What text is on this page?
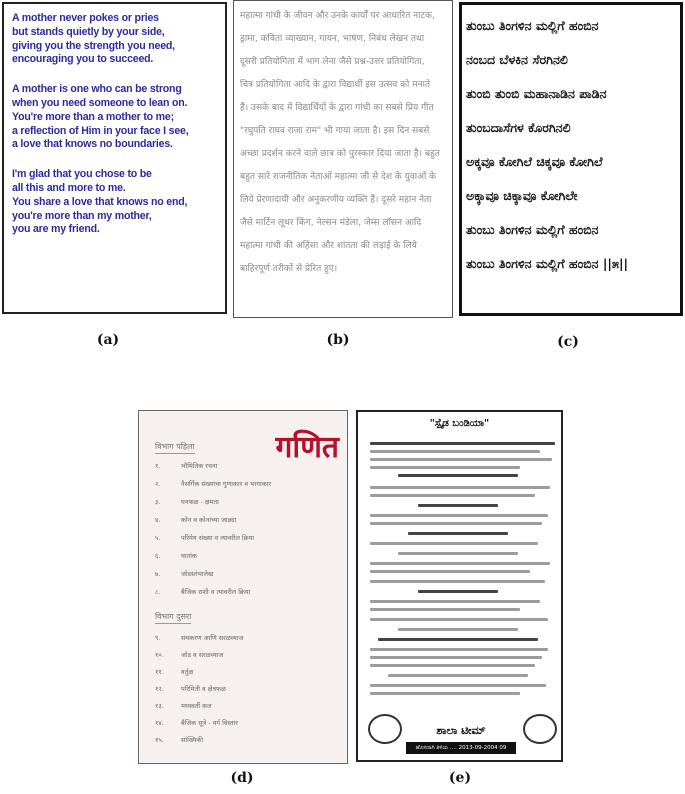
A mother never pokes or pries
but stands quietly by your side,
giving you the strength you need,
encouraging you to succeed.
A mother is one who can be strong
when you need someone to lean on.
You're more than a mother to me;
a reflection of Him in your face I see,
a love that knows no boundaries.
I'm glad that you chose to be
all this and more to me.
You share a love that knows no end,
you're more than my mother,
you are my friend.
(a)
महात्मा गांधी के जीवन और उनके कार्यों पर आधारित नाटक,
ड्रामा, कविता व्याख्यान, गायन, भाषण, निबंध लेखन तथा
दूसरी प्रतियोगिता में भाग लेना जैसे प्रश्न-उत्तर प्रतियोगिता,
चित्र प्रतियोगिता आदि के द्वारा विद्यार्थी इस उत्सव को मनाते
हैं। उसके बाद में विद्यार्थियों के द्वारा गांधी का सबसे प्रिय गीत
"रघुपति राघव राजा राम" भी गाया जाता है। इस दिन सबसे
अच्छा प्रदर्शन करने वाले छात्र को पुरस्कार दिया जाता है। बहुत
बहुत सारे राजनीतिक नेताओं महात्मा जी से देश के युवाओं के
लिये प्रेरणादायी और अनुकरणीय व्यक्ति हैं। दूसरे महान नेता
जैसे मार्टिन लूथर किंग, नेल्सन मंडेला, जेम्स लॉसन आदि
महात्मा गांधी की अहिंसा और शांतता की लड़ाई के लिये
बाहिरपूर्ण तरीकों से प्रेरित हुए।
(b)
ತುಂಬು ತಿಂಗಳಿನ ಮಲ್ಲಿಗೆ ಹಂಬಿನ
ನಂಬದ ಬೆಳಕಿನ ಸೆರಗಿನಲಿ
ತುಂಬಿ ತುಂಬಿ ಮಹಾನಾಡಿನ ಪಾಡಿನ
ತುಂಬದಾಸೆಗಳ ಕೊರಗಿನಲಿ
ಅಕ್ಕವೂ ಕೋಗಿಲೆ ಚಿಕ್ಕವೂ ಕೋಗಿಲೆ
ಅಕ್ಕಾವೂ ಚಿಕ್ಕಾವೂ ಕೋಗಿಲೇ
ತುಂಬು ತಿಂಗಳಿನ ಮಲ್ಲಿಗೆ ಹಂಬಿನ
ತುಂಬು ತಿಂಗಳಿನ ಮಲ್ಲಿಗೆ ಹಂಬಿನ ||೫||
(c)
गणित
विभाग पहिला
१.	भौमितिक रचना
२.	नैसर्गिक संख्यांचा गुणाकार व भागाकार
३.	घनफळ - क्षमता
४.	कोन व कोनांच्या जाड्या
५.	परिमेय संख्या व त्यावरील क्रिया
६.	घातांक
७.	जोडस्तंभालेख
८.	बैजिक राशी व त्यावरील क्रिया
विभाग दुसरा
९.	समकरण आणि सरळव्याज
१०.	जोड व सरळव्याज
११.	वर्तुळ
१२.	परिमिती व क्षेत्रफळ
१३.	मध्यवर्ती कल
१४.	बैजिक सूत्रे - वर्ग विस्तार
१५.	सांख्यिकी
(d)
"ಸ್ಪೈಡ ಬಂಡಿಯಾ"
ಶಾಲಾ ಟೀಮ್
ಹೊಸದಾಗಿ ತಿಳಿಯ .... 2013-09-2004 09
(e)
